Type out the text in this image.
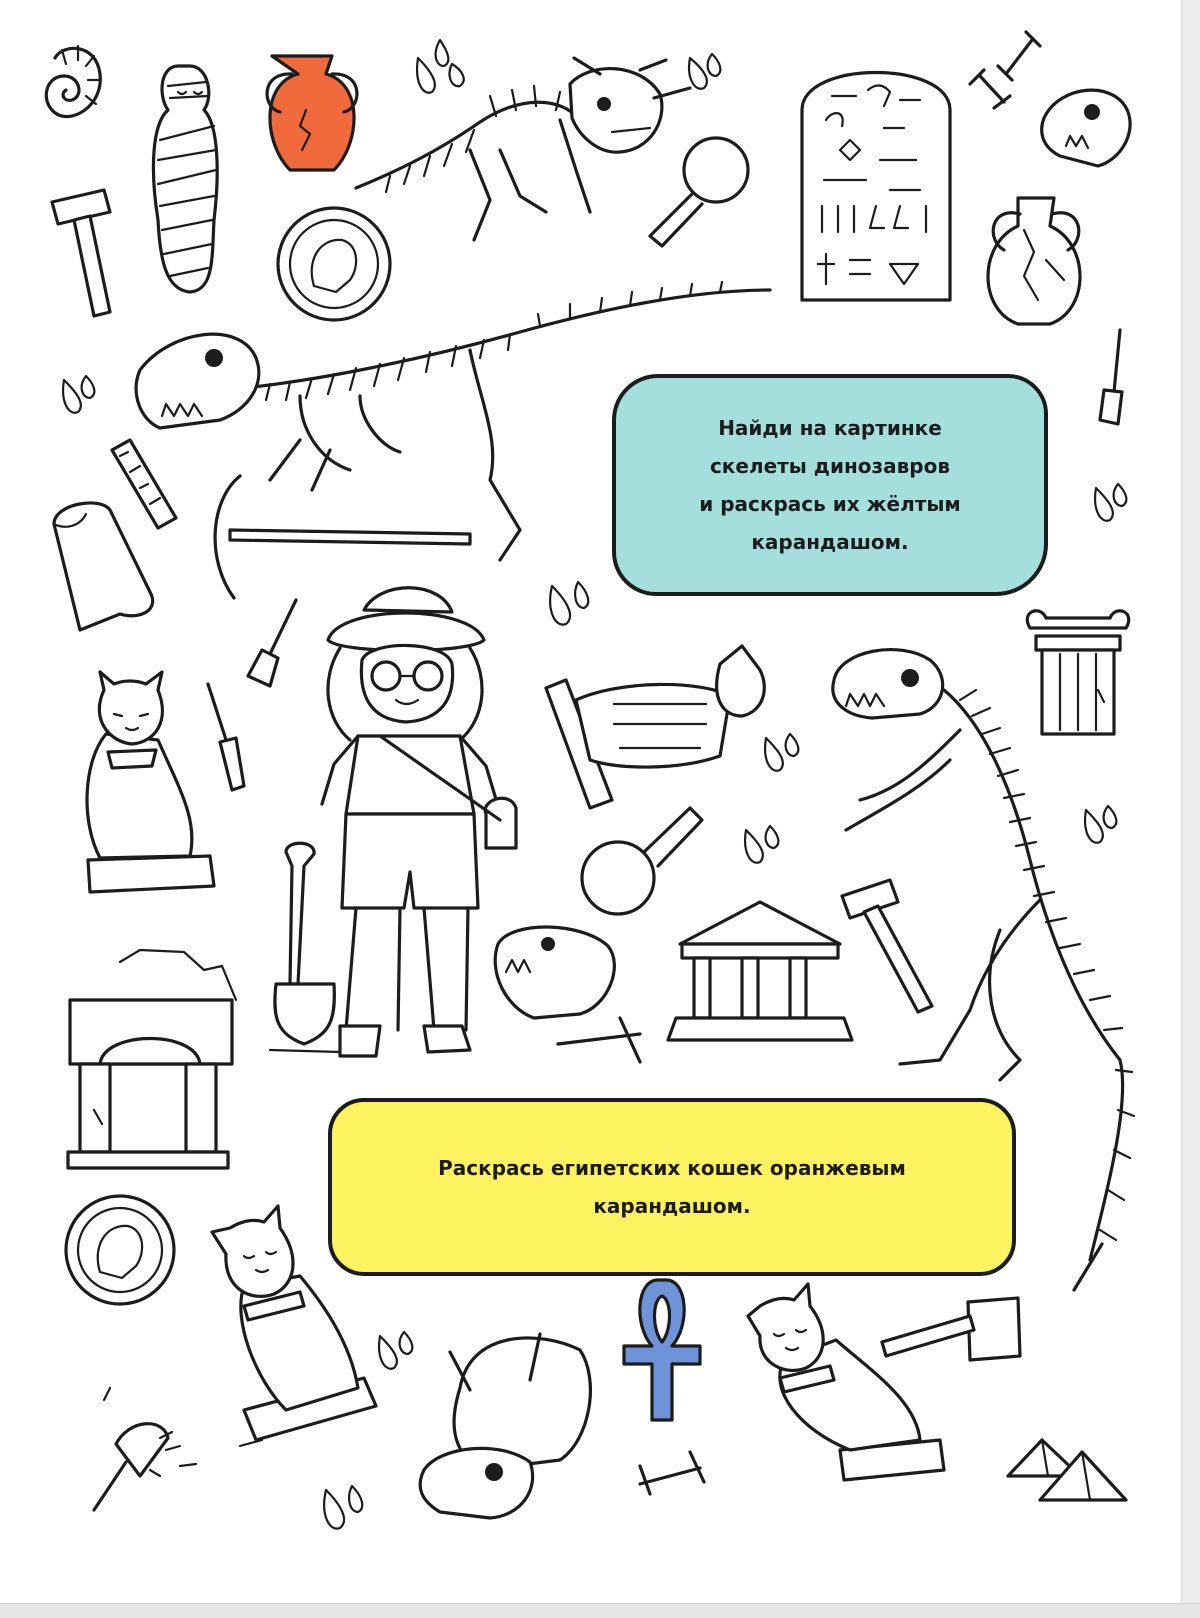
Найди на картинке
скелеты динозавров
и раскрась их жёлтым
карандашом.
Раскрась египетских кошек оранжевым
карандашом.
